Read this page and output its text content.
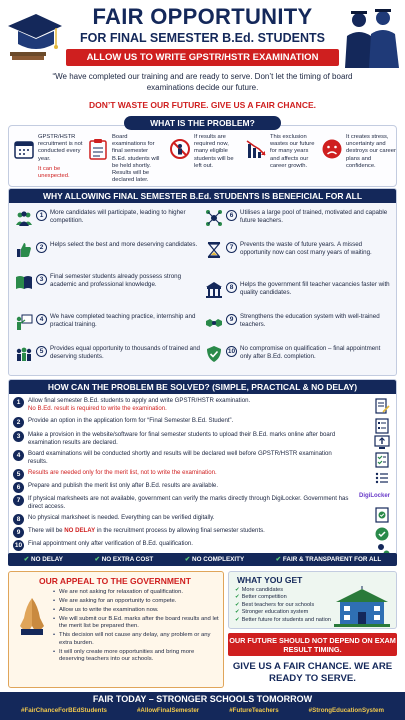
FAIR OPPORTUNITY
FOR FINAL SEMESTER B.Ed. STUDENTS
ALLOW US TO WRITE GPSTR/HSTR EXAMINATION
“We have completed our training and are ready to serve. Don’t let the timing of board examinations decide our future.
DON’T WASTE OUR FUTURE. GIVE US A FAIR CHANCE.
GPSTR/HSTR recruitment is not conducted every year.
It can be unexpected.
Board examinations for final semester B.Ed. students will be held shortly. Results will be declared later.
If results are required now, many eligible students will be left out.
This exclusion wastes our future for many years and affects our career growth.
It creates stress, uncertainty and destroys our career plans and confidence.
WHAT IS THE PROBLEM?
WHY ALLOWING FINAL SEMESTER B.Ed. STUDENTS IS BENEFICIAL FOR ALL
1	More candidates will participate, leading to higher competition.
2	Helps select the best and more deserving candidates.
3	Final semester students already possess strong academic and professional knowledge.
4	We have completed teaching practice, internship and practical training.
5	Provides equal opportunity to thousands of trained and deserving students.
6	Utilises a large pool of trained, motivated and capable future teachers.
7	Prevents the waste of future years. A missed opportunity now can cost many years of waiting.
8	Helps the government fill teacher vacancies faster with quality candidates.
9	Strengthens the education system with well-trained teachers.
10 No compromise on qualification – final appointment only after B.Ed. completion.
HOW CAN THE PROBLEM BE SOLVED? (SIMPLE, PRACTICAL & NO DELAY)
1	Allow final semester B.Ed. students to apply and write GPSTR/HSTR examination.
No B.Ed. result is required to write the examination.
2	Provide an option in the application form for “Final Semester B.Ed. Student”.
3	Make a provision in the website/software for final semester students to upload their B.Ed. marks online after board examination results are declared.
4	Board examinations will be conducted shortly and results will be declared well before GPSTR/HSTR examination results.
5	Results are needed only for the merit list, not to write the examination.
6	Prepare and publish the merit list only after B.Ed. results are available.
7	If physical marksheets are not available, government can verify the marks directly through DigiLocker. Government has direct access.
8	No physical marksheet is needed. Everything can be verified digitally.
9	There will be NO DELAY in the recruitment process by allowing final semester students.
10 Final appointment only after verification of B.Ed. qualification.
DigiLocker
✔ NO DELAY	✔ NO EXTRA COST	✔ NO COMPLEXITY	✔ FAIR & TRANSPARENT FOR ALL
OUR APPEAL TO THE GOVERNMENT
• We are not asking for relaxation of qualification.
• We are asking for an opportunity to compete.
• Allow us to write the examination now.
• We will submit our B.Ed. marks after the board results and let the merit list be prepared then.
• This decision will not cause any delay, any problem or any extra burden.
• It will only create more opportunities and bring more deserving teachers into our schools.
WHAT YOU GET
✔ More candidates
✔ Better competition
✔ Best teachers for our schools
✔ Stronger education system
✔ Better future for students and nation
OUR FUTURE SHOULD NOT DEPEND ON EXAM RESULT TIMING.
GIVE US A FAIR CHANCE. WE ARE READY TO SERVE.
FAIR TODAY – STRONGER SCHOOLS TOMORROW
#FairChanceForBEdStudents	#AllowFinalSemester	#FutureTeachers	#StrongEducationSystem
